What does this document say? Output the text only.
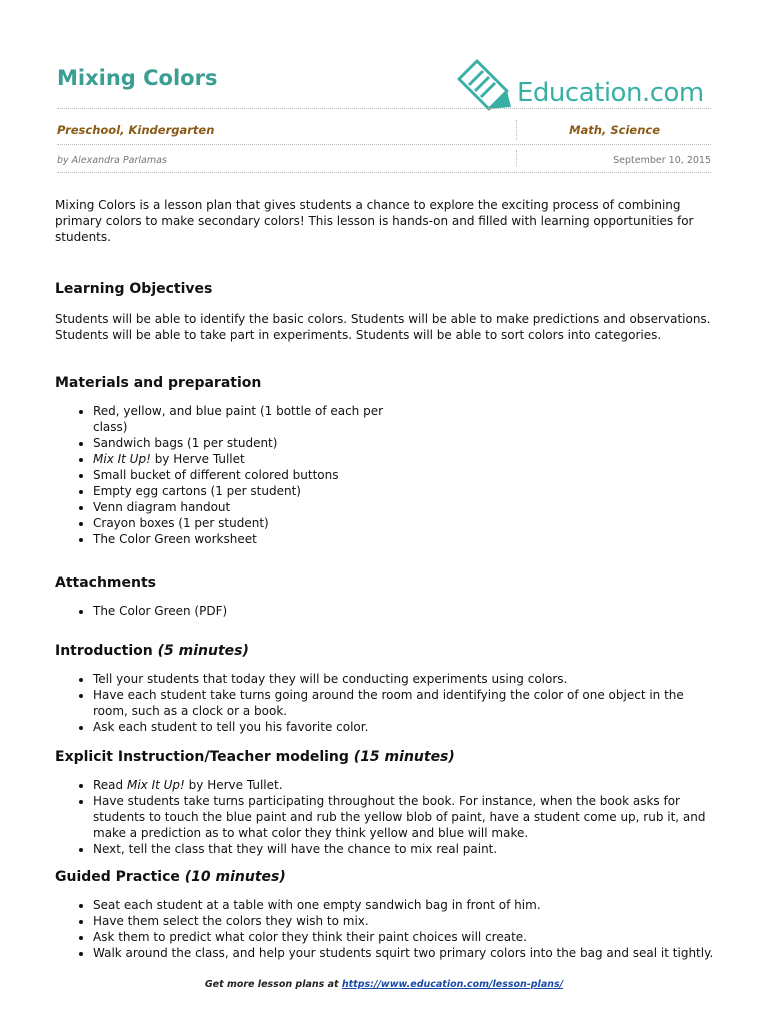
Mixing Colors	Education.com
Preschool, Kindergarten	Math, Science
by Alexandra Parlamas	September 10, 2015

Mixing Colors is a lesson plan that gives students a chance to explore the exciting process of combining primary colors to make secondary colors! This lesson is hands-on and filled with learning opportunities for students.

Learning Objectives

Students will be able to identify the basic colors. Students will be able to make predictions and observations. Students will be able to take part in experiments. Students will be able to sort colors into categories.

Materials and preparation
• Red, yellow, and blue paint (1 bottle of each per class)
• Sandwich bags (1 per student)
• Mix It Up! by Herve Tullet
• Small bucket of different colored buttons
• Empty egg cartons (1 per student)
• Venn diagram handout
• Crayon boxes (1 per student)
• The Color Green worksheet
Attachments
• The Color Green (PDF)
Introduction (5 minutes)
• Tell your students that today they will be conducting experiments using colors.
• Have each student take turns going around the room and identifying the color of one object in the room, such as a clock or a book.
• Ask each student to tell you his favorite color.
Explicit Instruction/Teacher modeling (15 minutes)
• Read Mix It Up! by Herve Tullet.
• Have students take turns participating throughout the book. For instance, when the book asks for students to touch the blue paint and rub the yellow blob of paint, have a student come up, rub it, and make a prediction as to what color they think yellow and blue will make.
• Next, tell the class that they will have the chance to mix real paint.
Guided Practice (10 minutes)
• Seat each student at a table with one empty sandwich bag in front of him.
• Have them select the colors they wish to mix.
• Ask them to predict what color they think their paint choices will create.
• Walk around the class, and help your students squirt two primary colors into the bag and seal it tightly.
Get more lesson plans at https://www.education.com/lesson-plans/
